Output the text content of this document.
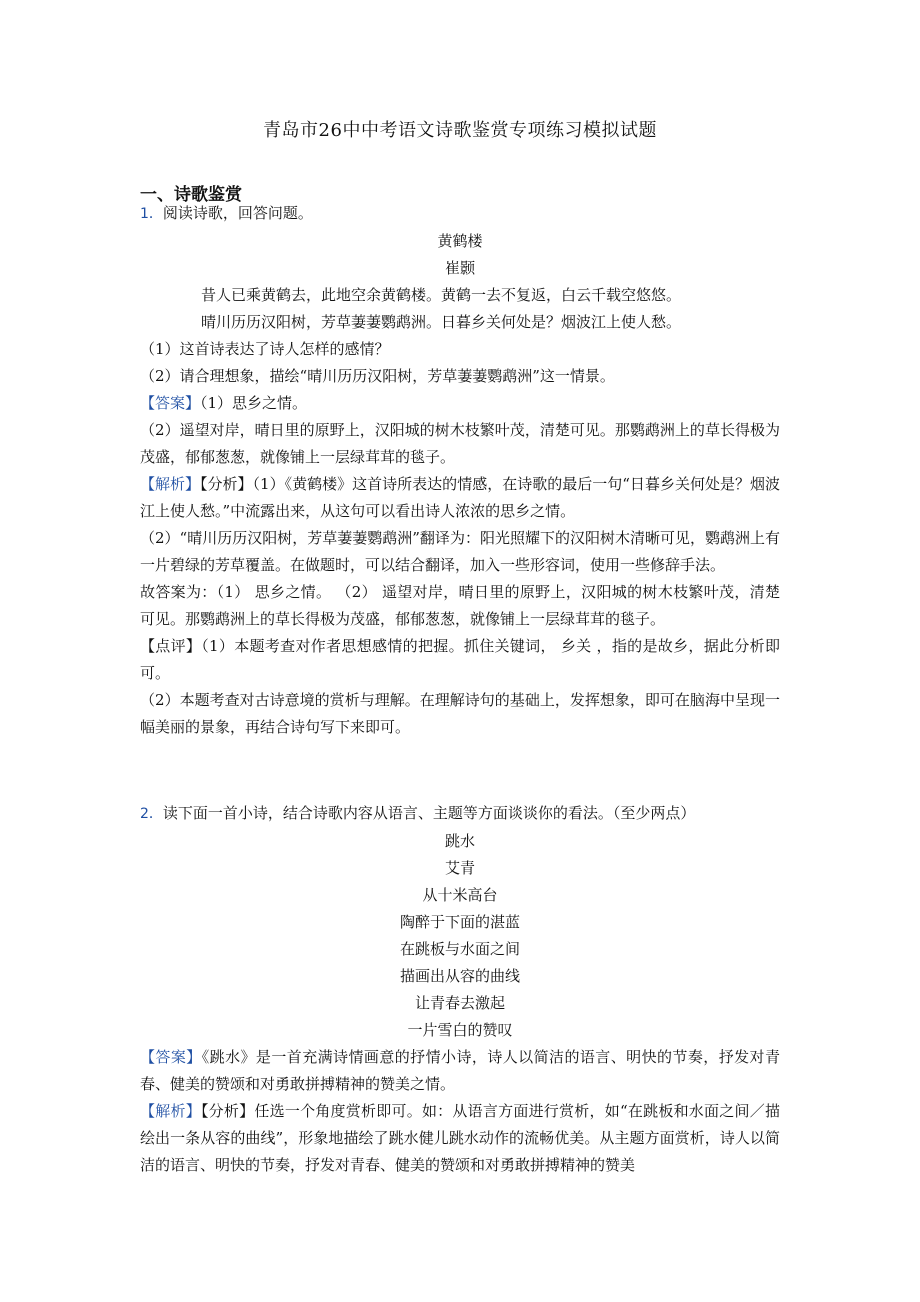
青岛市26中中考语文诗歌鉴赏专项练习模拟试题
一、诗歌鉴赏

1．阅读诗歌，回答问题。

黄鹤楼

崔颢

昔人已乘黄鹤去，此地空余黄鹤楼。黄鹤一去不复返，白云千载空悠悠。

晴川历历汉阳树，芳草萋萋鹦鹉洲。日暮乡关何处是？烟波江上使人愁。

（1）这首诗表达了诗人怎样的感情？

（2）请合理想象，描绘“晴川历历汉阳树，芳草萋萋鹦鹉洲”这一情景。

【答案】（1）思乡之情。

（2）遥望对岸，晴日里的原野上，汉阳城的树木枝繁叶茂，清楚可见。那鹦鹉洲上的草长得极为茂盛，郁郁葱葱，就像铺上一层绿茸茸的毯子。

【解析】【分析】（1）《黄鹤楼》这首诗所表达的情感，在诗歌的最后一句“日暮乡关何处是？烟波江上使人愁。”中流露出来，从这句可以看出诗人浓浓的思乡之情。

（2）“晴川历历汉阳树，芳草萋萋鹦鹉洲”翻译为：阳光照耀下的汉阳树木清晰可见，鹦鹉洲上有一片碧绿的芳草覆盖。在做题时，可以结合翻译，加入一些形容词，使用一些修辞手法。

故答案为：（1） 思乡之情。 （2） 遥望对岸，晴日里的原野上，汉阳城的树木枝繁叶茂，清楚可见。那鹦鹉洲上的草长得极为茂盛，郁郁葱葱，就像铺上一层绿茸茸的毯子。

【点评】（1）本题考查对作者思想感情的把握。抓住关键词， 乡关 ，指的是故乡，据此分析即可。

（2）本题考查对古诗意境的赏析与理解。在理解诗句的基础上，发挥想象，即可在脑海中呈现一幅美丽的景象，再结合诗句写下来即可。

2．读下面一首小诗，结合诗歌内容从语言、主题等方面谈谈你的看法。（至少两点）

跳水

艾青

从十米高台

陶醉于下面的湛蓝

在跳板与水面之间

描画出从容的曲线

让青春去激起

一片雪白的赞叹

【答案】《跳水》是一首充满诗情画意的抒情小诗，诗人以简洁的语言、明快的节奏，抒发对青春、健美的赞颂和对勇敢拼搏精神的赞美之情。

【解析】【分析】任选一个角度赏析即可。如：从语言方面进行赏析，如“在跳板和水面之间／描绘出一条从容的曲线”，形象地描绘了跳水健儿跳水动作的流畅优美。从主题方面赏析，诗人以简洁的语言、明快的节奏，抒发对青春、健美的赞颂和对勇敢拼搏精神的赞美
